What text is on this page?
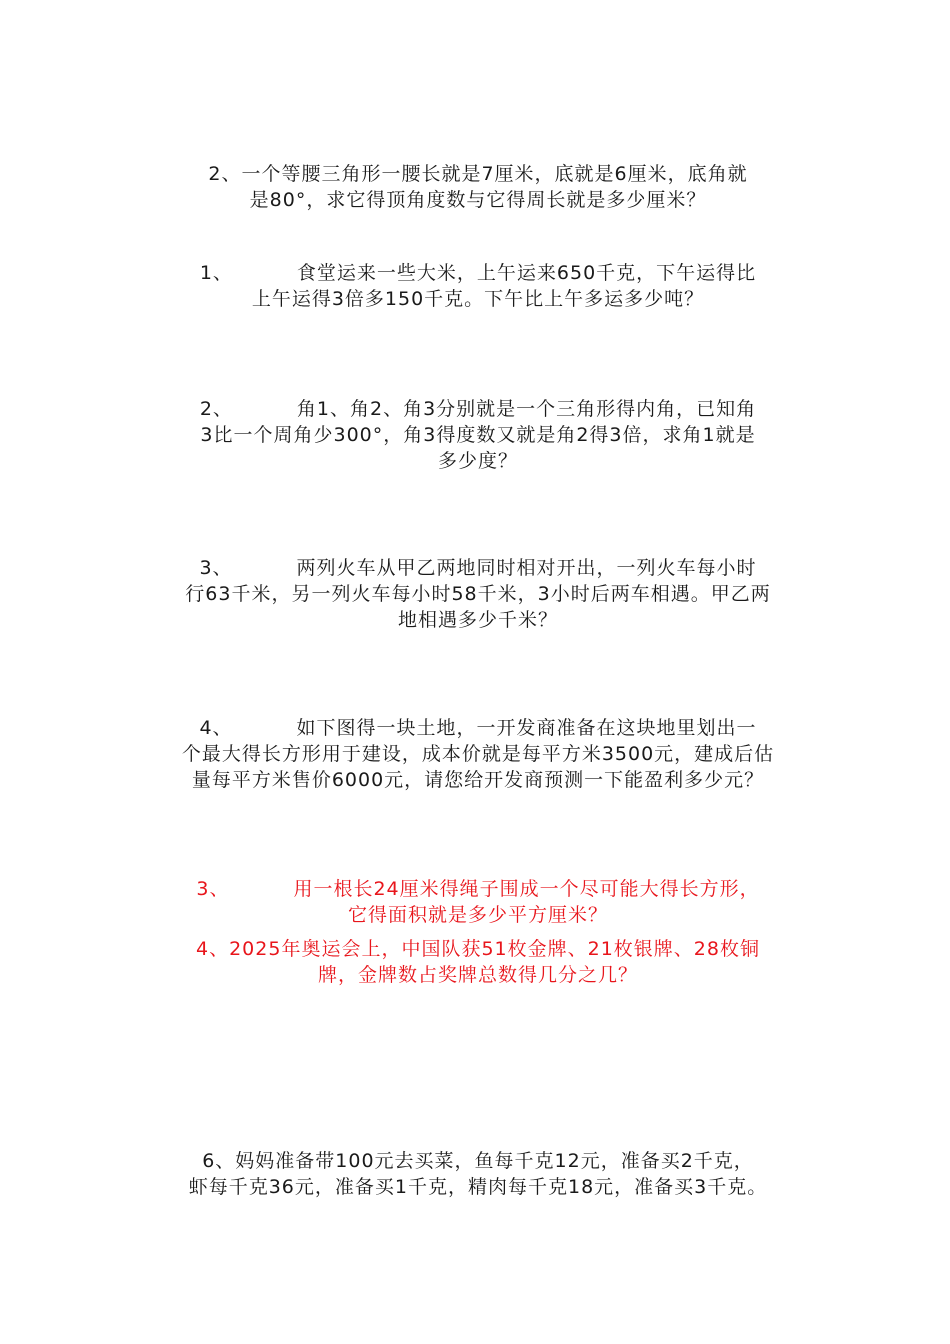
2、一个等腰三角形一腰长就是7厘米，底就是6厘米，底角就

是80°，求它得顶角度数与它得周长就是多少厘米？

1、	食堂运来一些大米，上午运来650千克，下午运得比

上午运得3倍多150千克。下午比上午多运多少吨？

2、	角1、角2、角3分别就是一个三角形得内角，已知角

3比一个周角少300°，角3得度数又就是角2得3倍，求角1就是

多少度？

3、	两列火车从甲乙两地同时相对开出，一列火车每小时

行63千米，另一列火车每小时58千米，3小时后两车相遇。甲乙两

地相遇多少千米？

4、	如下图得一块土地，一开发商准备在这块地里划出一

个最大得长方形用于建设，成本价就是每平方米3500元，建成后估

量每平方米售价6000元，请您给开发商预测一下能盈利多少元？

3、	用一根长24厘米得绳子围成一个尽可能大得长方形，

它得面积就是多少平方厘米？

4、2025年奥运会上，中国队获51枚金牌、21枚银牌、28枚铜

牌，金牌数占奖牌总数得几分之几？

6、妈妈准备带100元去买菜，鱼每千克12元，准备买2千克，

虾每千克36元，准备买1千克，精肉每千克18元，准备买3千克。
